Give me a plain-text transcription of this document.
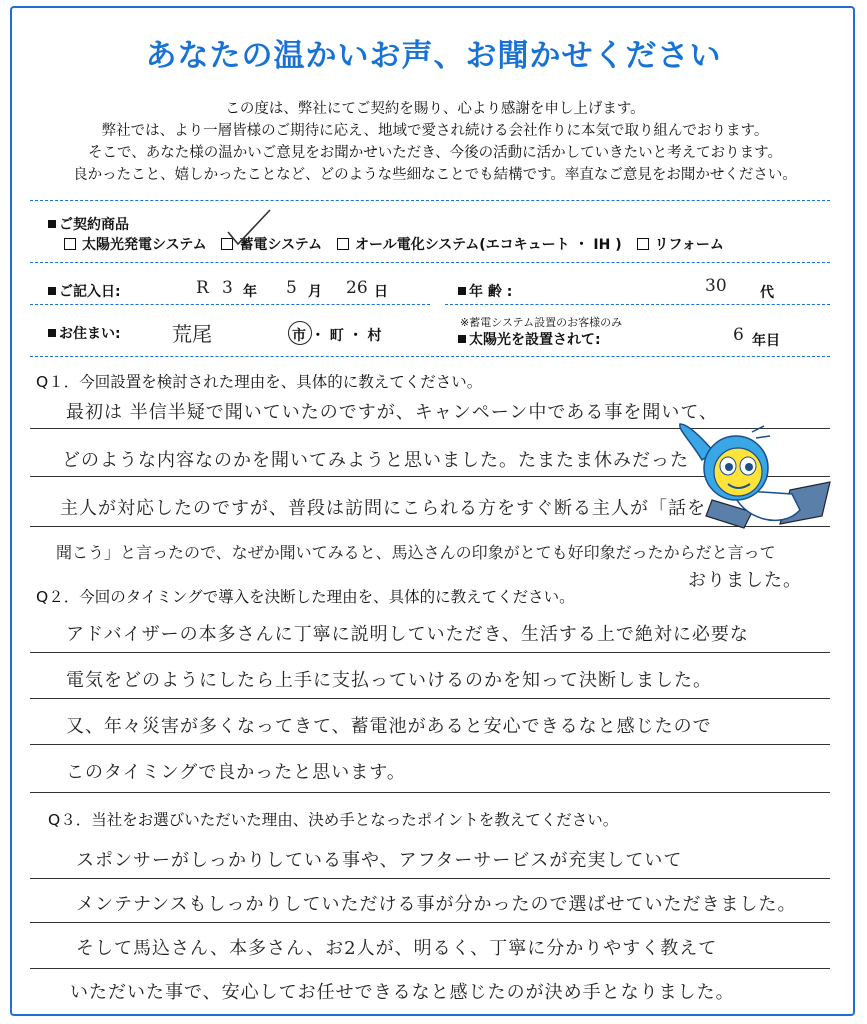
あなたの温かいお声、お聞かせください
この度は、弊社にてご契約を賜り、心より感謝を申し上げます。
弊社では、より一層皆様のご期待に応え、地域で愛され続ける会社作りに本気で取り組んでおります。
そこで、あなた様の温かいご意見をお聞かせいただき、今後の活動に活かしていきたいと考えております。
良かったこと、嬉しかったことなど、どのような些細なことでも結構です。率直なご意見をお聞かせください。
ご契約商品
太陽光発電システム 蓄電システム オール電化システム(エコキュート ・ IH ) リフォーム
ご記入日:	R 3 年 5 月 26 日	年 齢 :	30 代
お住まい:	荒尾	市 ・ 町 ・ 村
※蓄電システム設置のお客様のみ
太陽光を設置されて:	6 年目
Q１．今回設置を検討された理由を、具体的に教えてください。
最初は 半信半疑で聞いていたのですが、キャンペーン中である事を聞いて、
どのような内容なのかを聞いてみようと思いました。たまたま休みだった
主人が対応したのですが、普段は訪問にこられる方をすぐ断る主人が「話を
聞こう」と言ったので、なぜか聞いてみると、馬込さんの印象がとても好印象だったからだと言って
おりました。
Q２．今回のタイミングで導入を決断した理由を、具体的に教えてください。
アドバイザーの本多さんに丁寧に説明していただき、生活する上で絶対に必要な
電気をどのようにしたら上手に支払っていけるのかを知って決断しました。
又、年々災害が多くなってきて、蓄電池があると安心できるなと感じたので
このタイミングで良かったと思います。
Q３．当社をお選びいただいた理由、決め手となったポイントを教えてください。
スポンサーがしっかりしている事や、アフターサービスが充実していて
メンテナンスもしっかりしていただける事が分かったので選ばせていただきました。
そして馬込さん、本多さん、お2人が、明るく、丁寧に分かりやすく教えて
いただいた事で、安心してお任せできるなと感じたのが決め手となりました。
